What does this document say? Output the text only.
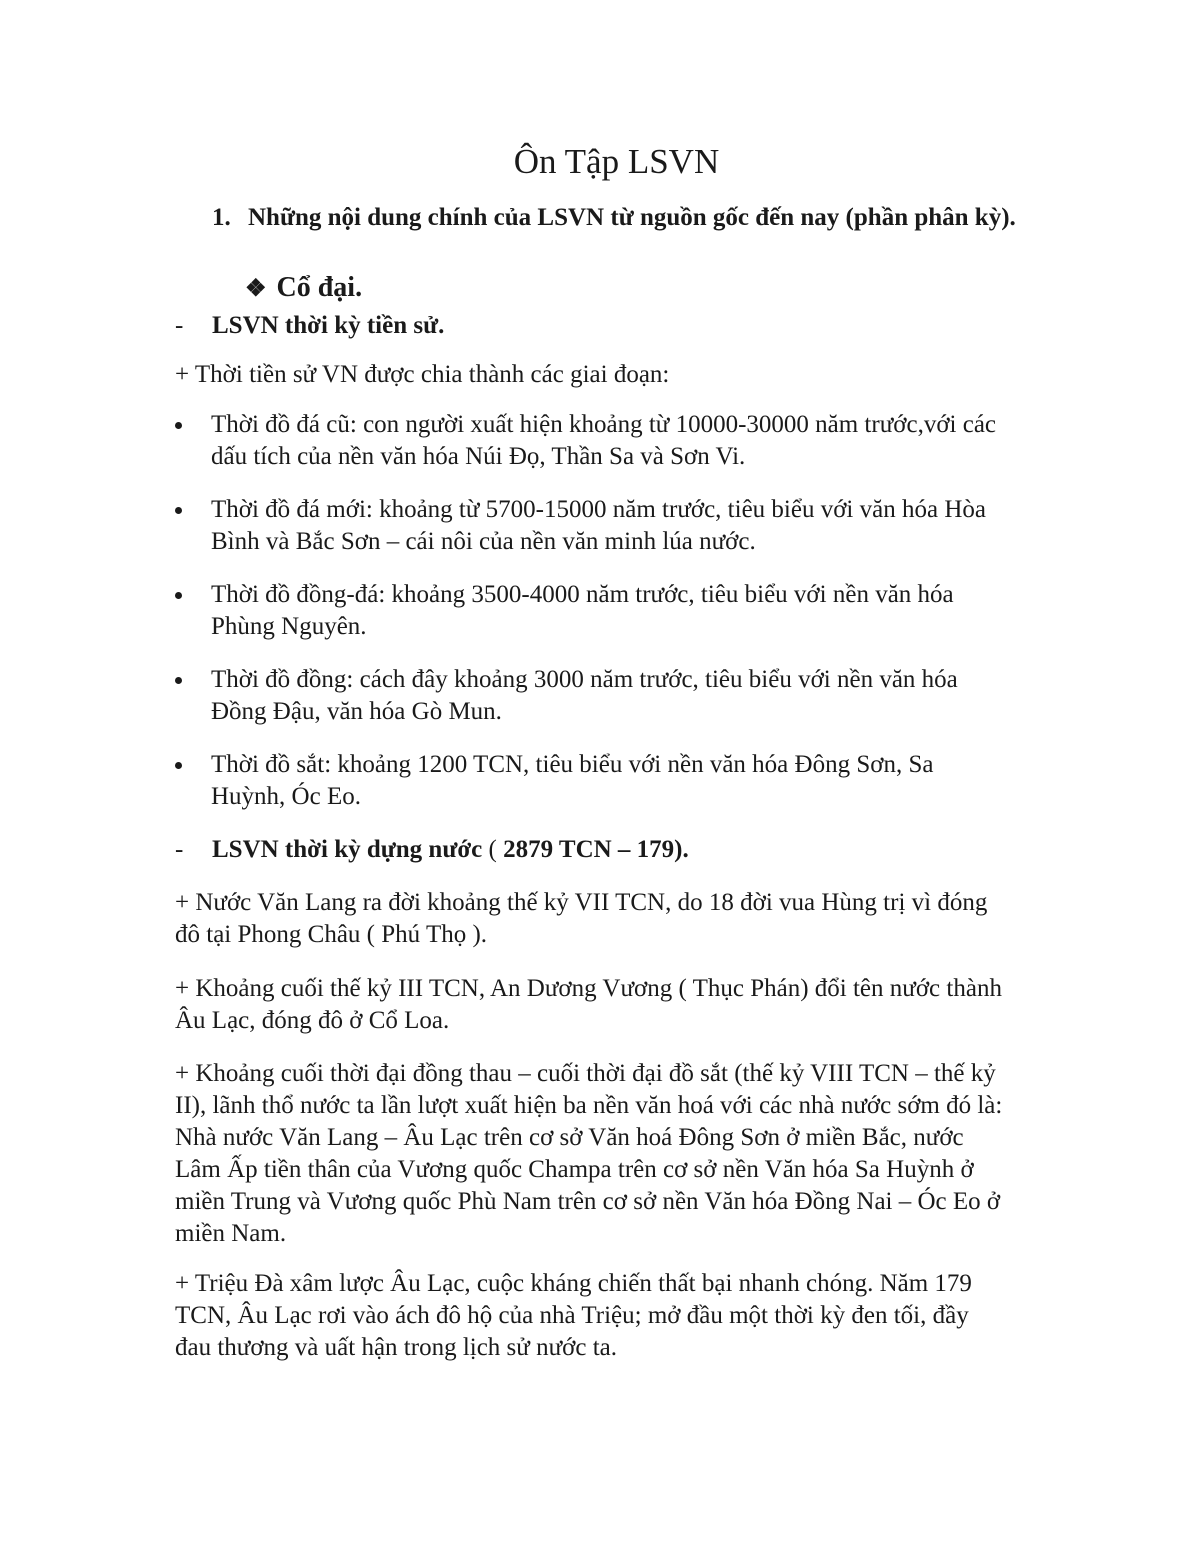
Ôn Tập LSVN
1. Những nội dung chính của LSVN từ nguồn gốc đến nay (phần phân kỳ).
❖ Cổ đại.
- LSVN thời kỳ tiền sử.
+ Thời tiền sử VN được chia thành các giai đoạn:
Thời đồ đá cũ: con người xuất hiện khoảng từ 10000-30000 năm trước,với các dấu tích của nền văn hóa Núi Đọ, Thần Sa và Sơn Vi.
Thời đồ đá mới: khoảng từ 5700-15000 năm trước, tiêu biểu với văn hóa Hòa Bình và Bắc Sơn – cái nôi của nền văn minh lúa nước.
Thời đồ đồng-đá: khoảng 3500-4000 năm trước, tiêu biểu với nền văn hóa Phùng Nguyên.
Thời đồ đồng: cách đây khoảng 3000 năm trước, tiêu biểu với nền văn hóa Đồng Đậu, văn hóa Gò Mun.
Thời đồ sắt: khoảng 1200 TCN, tiêu biểu với nền văn hóa Đông Sơn, Sa Huỳnh, Óc Eo.
- LSVN thời kỳ dựng nước ( 2879 TCN – 179).
+ Nước Văn Lang ra đời khoảng thế kỷ VII TCN, do 18 đời vua Hùng trị vì đóng đô tại Phong Châu ( Phú Thọ ).
+ Khoảng cuối thế kỷ III TCN, An Dương Vương ( Thục Phán) đổi tên nước thành Âu Lạc, đóng đô ở Cổ Loa.
+ Khoảng cuối thời đại đồng thau – cuối thời đại đồ sắt (thế kỷ VIII TCN – thế kỷ II), lãnh thổ nước ta lần lượt xuất hiện ba nền văn hoá với các nhà nước sớm đó là: Nhà nước Văn Lang – Âu Lạc trên cơ sở Văn hoá Đông Sơn ở miền Bắc, nước Lâm Ấp tiền thân của Vương quốc Champa trên cơ sở nền Văn hóa Sa Huỳnh ở miền Trung và Vương quốc Phù Nam trên cơ sở nền Văn hóa Đồng Nai – Óc Eo ở miền Nam.
+ Triệu Đà xâm lược Âu Lạc, cuộc kháng chiến thất bại nhanh chóng. Năm 179 TCN, Âu Lạc rơi vào ách đô hộ của nhà Triệu; mở đầu một thời kỳ đen tối, đầy đau thương và uất hận trong lịch sử nước ta.
